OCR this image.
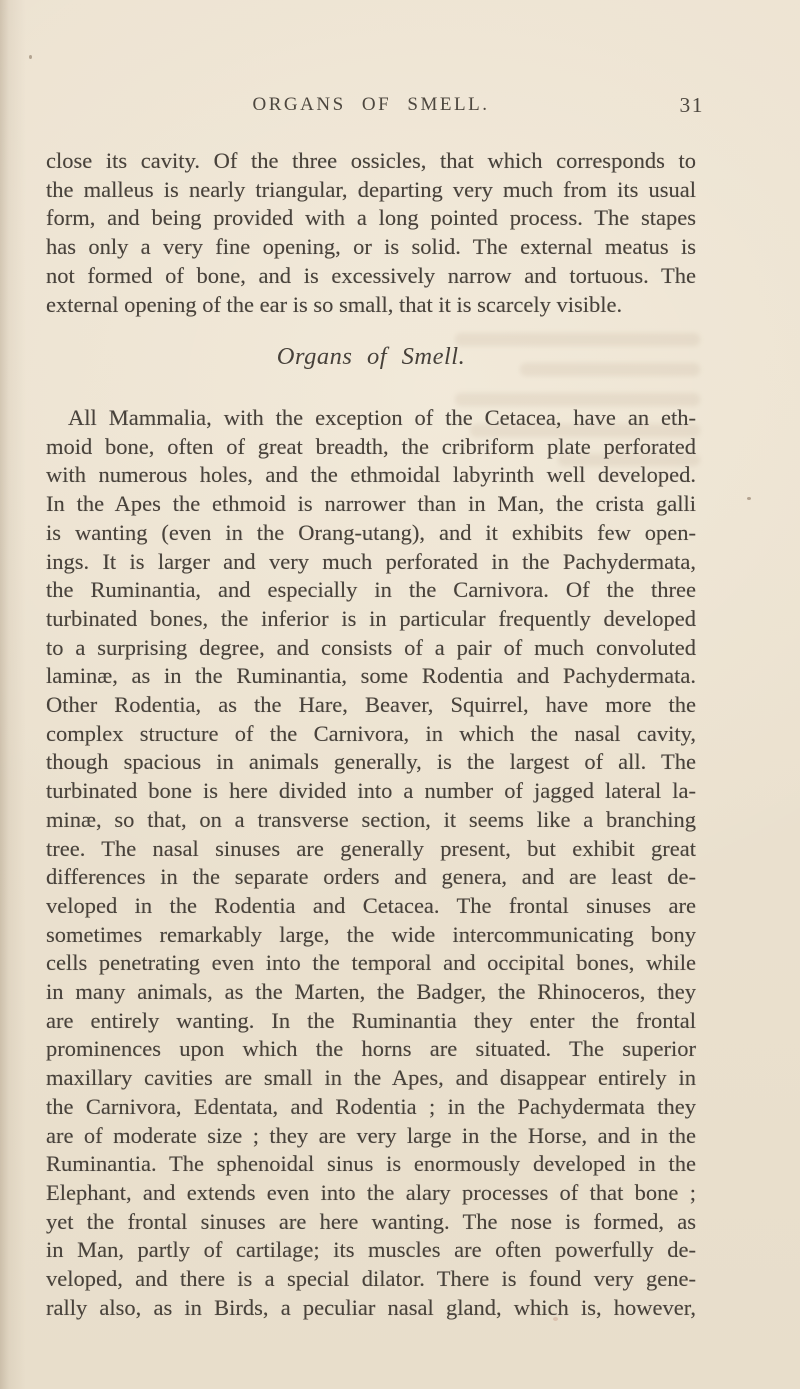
ORGANS OF SMELL.	31
close its cavity. Of the three ossicles, that which corresponds to
the malleus is nearly triangular, departing very much from its usual
form, and being provided with a long pointed process. The stapes
has only a very fine opening, or is solid. The external meatus is
not formed of bone, and is excessively narrow and tortuous. The
external opening of the ear is so small, that it is scarcely visible.
Organs of Smell.
All Mammalia, with the exception of the Cetacea, have an eth-
moid bone, often of great breadth, the cribriform plate perforated
with numerous holes, and the ethmoidal labyrinth well developed.
In the Apes the ethmoid is narrower than in Man, the crista galli
is wanting (even in the Orang-utang), and it exhibits few open-
ings. It is larger and very much perforated in the Pachydermata,
the Ruminantia, and especially in the Carnivora. Of the three
turbinated bones, the inferior is in particular frequently developed
to a surprising degree, and consists of a pair of much convoluted
laminæ, as in the Ruminantia, some Rodentia and Pachydermata.
Other Rodentia, as the Hare, Beaver, Squirrel, have more the
complex structure of the Carnivora, in which the nasal cavity,
though spacious in animals generally, is the largest of all. The
turbinated bone is here divided into a number of jagged lateral la-
minæ, so that, on a transverse section, it seems like a branching
tree. The nasal sinuses are generally present, but exhibit great
differences in the separate orders and genera, and are least de-
veloped in the Rodentia and Cetacea. The frontal sinuses are
sometimes remarkably large, the wide intercommunicating bony
cells penetrating even into the temporal and occipital bones, while
in many animals, as the Marten, the Badger, the Rhinoceros, they
are entirely wanting. In the Ruminantia they enter the frontal
prominences upon which the horns are situated. The superior
maxillary cavities are small in the Apes, and disappear entirely in
the Carnivora, Edentata, and Rodentia ; in the Pachydermata they
are of moderate size ; they are very large in the Horse, and in the
Ruminantia. The sphenoidal sinus is enormously developed in the
Elephant, and extends even into the alary processes of that bone ;
yet the frontal sinuses are here wanting. The nose is formed, as
in Man, partly of cartilage; its muscles are often powerfully de-
veloped, and there is a special dilator. There is found very gene-
rally also, as in Birds, a peculiar nasal gland, which is, however,
